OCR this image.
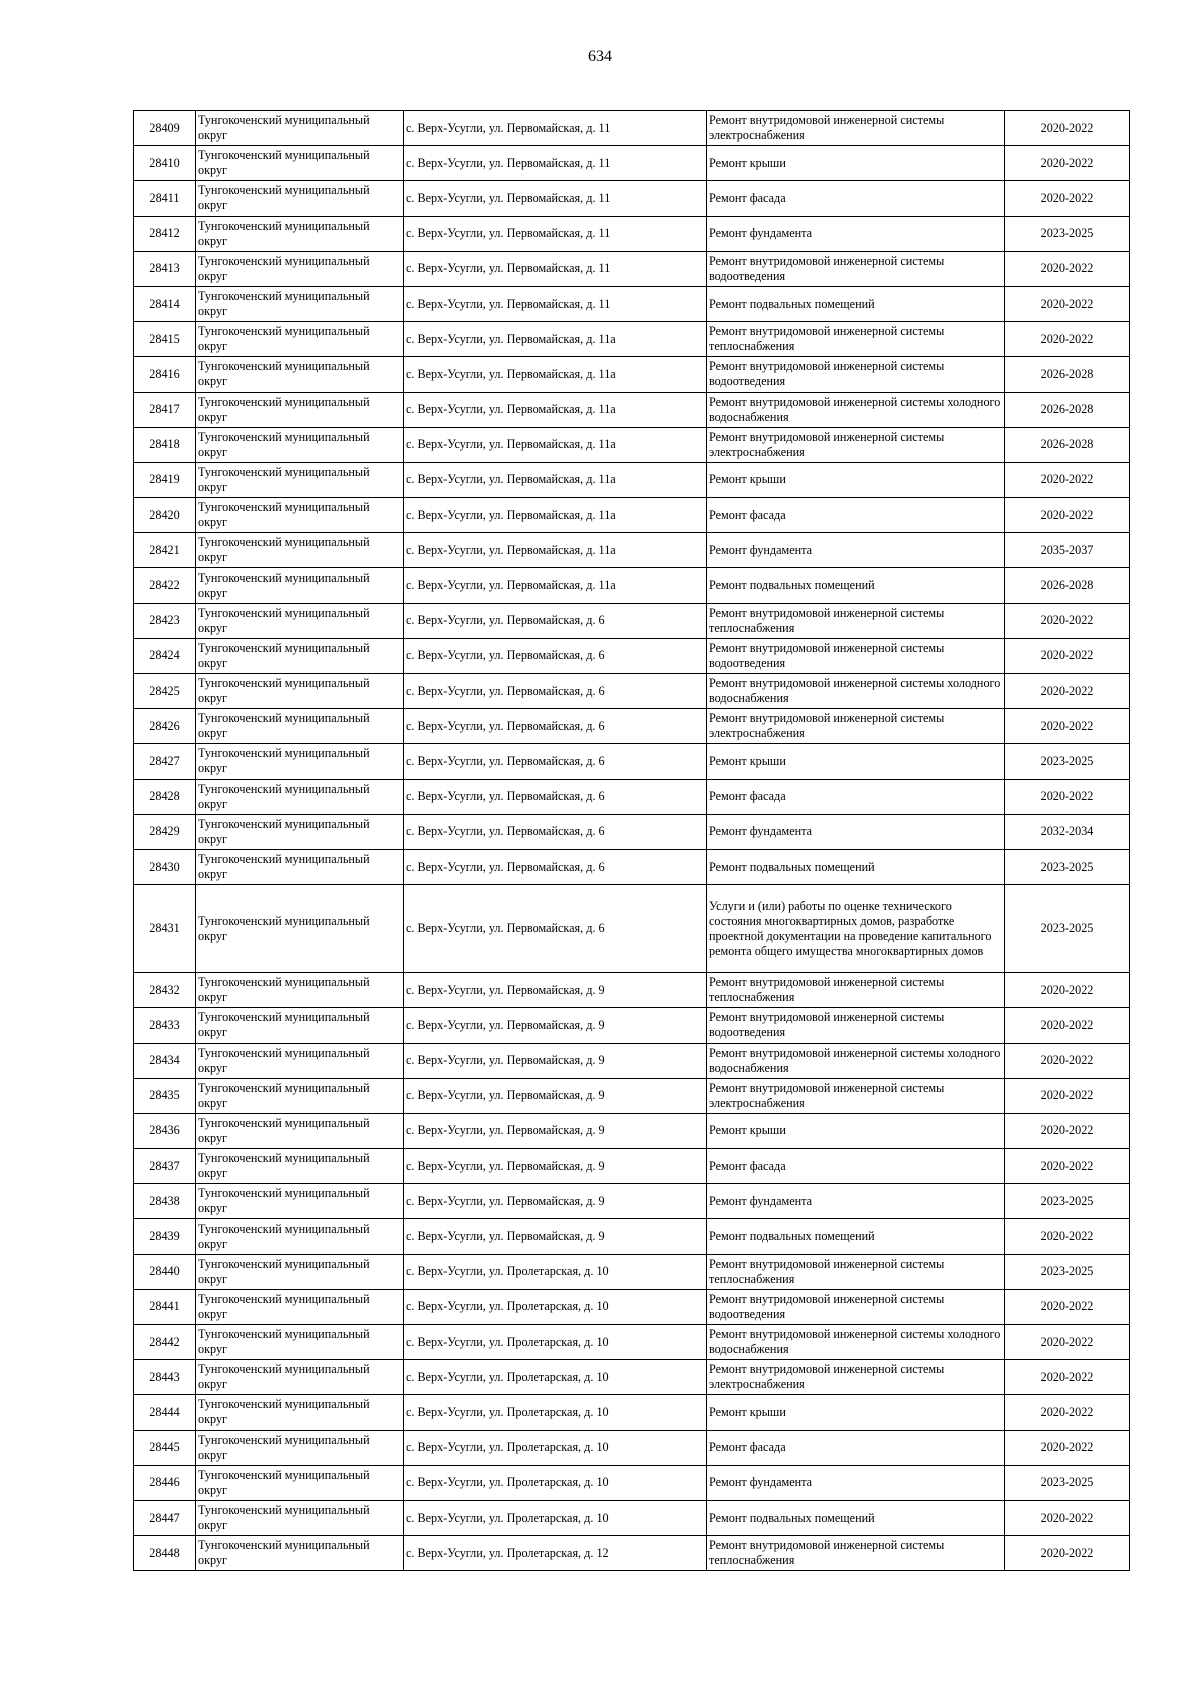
634
28409	Тунгокоченский муниципальный округ	с. Верх-Усугли, ул. Первомайская, д. 11	Ремонт внутридомовой инженерной системы электроснабжения	2020-2022
28410	Тунгокоченский муниципальный округ	с. Верх-Усугли, ул. Первомайская, д. 11	Ремонт крыши	2020-2022
28411	Тунгокоченский муниципальный округ	с. Верх-Усугли, ул. Первомайская, д. 11	Ремонт фасада	2020-2022
28412	Тунгокоченский муниципальный округ	с. Верх-Усугли, ул. Первомайская, д. 11	Ремонт фундамента	2023-2025
28413	Тунгокоченский муниципальный округ	с. Верх-Усугли, ул. Первомайская, д. 11	Ремонт внутридомовой инженерной системы водоотведения	2020-2022
28414	Тунгокоченский муниципальный округ	с. Верх-Усугли, ул. Первомайская, д. 11	Ремонт подвальных помещений	2020-2022
28415	Тунгокоченский муниципальный округ	с. Верх-Усугли, ул. Первомайская, д. 11а	Ремонт внутридомовой инженерной системы теплоснабжения	2020-2022
28416	Тунгокоченский муниципальный округ	с. Верх-Усугли, ул. Первомайская, д. 11а	Ремонт внутридомовой инженерной системы водоотведения	2026-2028
28417	Тунгокоченский муниципальный округ	с. Верх-Усугли, ул. Первомайская, д. 11а	Ремонт внутридомовой инженерной системы холодного водоснабжения	2026-2028
28418	Тунгокоченский муниципальный округ	с. Верх-Усугли, ул. Первомайская, д. 11а	Ремонт внутридомовой инженерной системы электроснабжения	2026-2028
28419	Тунгокоченский муниципальный округ	с. Верх-Усугли, ул. Первомайская, д. 11а	Ремонт крыши	2020-2022
28420	Тунгокоченский муниципальный округ	с. Верх-Усугли, ул. Первомайская, д. 11а	Ремонт фасада	2020-2022
28421	Тунгокоченский муниципальный округ	с. Верх-Усугли, ул. Первомайская, д. 11а	Ремонт фундамента	2035-2037
28422	Тунгокоченский муниципальный округ	с. Верх-Усугли, ул. Первомайская, д. 11а	Ремонт подвальных помещений	2026-2028
28423	Тунгокоченский муниципальный округ	с. Верх-Усугли, ул. Первомайская, д. 6	Ремонт внутридомовой инженерной системы теплоснабжения	2020-2022
28424	Тунгокоченский муниципальный округ	с. Верх-Усугли, ул. Первомайская, д. 6	Ремонт внутридомовой инженерной системы водоотведения	2020-2022
28425	Тунгокоченский муниципальный округ	с. Верх-Усугли, ул. Первомайская, д. 6	Ремонт внутридомовой инженерной системы холодного водоснабжения	2020-2022
28426	Тунгокоченский муниципальный округ	с. Верх-Усугли, ул. Первомайская, д. 6	Ремонт внутридомовой инженерной системы электроснабжения	2020-2022
28427	Тунгокоченский муниципальный округ	с. Верх-Усугли, ул. Первомайская, д. 6	Ремонт крыши	2023-2025
28428	Тунгокоченский муниципальный округ	с. Верх-Усугли, ул. Первомайская, д. 6	Ремонт фасада	2020-2022
28429	Тунгокоченский муниципальный округ	с. Верх-Усугли, ул. Первомайская, д. 6	Ремонт фундамента	2032-2034
28430	Тунгокоченский муниципальный округ	с. Верх-Усугли, ул. Первомайская, д. 6	Ремонт подвальных помещений	2023-2025
28431	Тунгокоченский муниципальный округ	с. Верх-Усугли, ул. Первомайская, д. 6	Услуги и (или) работы по оценке технического состояния многоквартирных домов, разработке проектной документации на проведение капитального ремонта общего имущества многоквартирных домов	2023-2025
28432	Тунгокоченский муниципальный округ	с. Верх-Усугли, ул. Первомайская, д. 9	Ремонт внутридомовой инженерной системы теплоснабжения	2020-2022
28433	Тунгокоченский муниципальный округ	с. Верх-Усугли, ул. Первомайская, д. 9	Ремонт внутридомовой инженерной системы водоотведения	2020-2022
28434	Тунгокоченский муниципальный округ	с. Верх-Усугли, ул. Первомайская, д. 9	Ремонт внутридомовой инженерной системы холодного водоснабжения	2020-2022
28435	Тунгокоченский муниципальный округ	с. Верх-Усугли, ул. Первомайская, д. 9	Ремонт внутридомовой инженерной системы электроснабжения	2020-2022
28436	Тунгокоченский муниципальный округ	с. Верх-Усугли, ул. Первомайская, д. 9	Ремонт крыши	2020-2022
28437	Тунгокоченский муниципальный округ	с. Верх-Усугли, ул. Первомайская, д. 9	Ремонт фасада	2020-2022
28438	Тунгокоченский муниципальный округ	с. Верх-Усугли, ул. Первомайская, д. 9	Ремонт фундамента	2023-2025
28439	Тунгокоченский муниципальный округ	с. Верх-Усугли, ул. Первомайская, д. 9	Ремонт подвальных помещений	2020-2022
28440	Тунгокоченский муниципальный округ	с. Верх-Усугли, ул. Пролетарская, д. 10	Ремонт внутридомовой инженерной системы теплоснабжения	2023-2025
28441	Тунгокоченский муниципальный округ	с. Верх-Усугли, ул. Пролетарская, д. 10	Ремонт внутридомовой инженерной системы водоотведения	2020-2022
28442	Тунгокоченский муниципальный округ	с. Верх-Усугли, ул. Пролетарская, д. 10	Ремонт внутридомовой инженерной системы холодного водоснабжения	2020-2022
28443	Тунгокоченский муниципальный округ	с. Верх-Усугли, ул. Пролетарская, д. 10	Ремонт внутридомовой инженерной системы электроснабжения	2020-2022
28444	Тунгокоченский муниципальный округ	с. Верх-Усугли, ул. Пролетарская, д. 10	Ремонт крыши	2020-2022
28445	Тунгокоченский муниципальный округ	с. Верх-Усугли, ул. Пролетарская, д. 10	Ремонт фасада	2020-2022
28446	Тунгокоченский муниципальный округ	с. Верх-Усугли, ул. Пролетарская, д. 10	Ремонт фундамента	2023-2025
28447	Тунгокоченский муниципальный округ	с. Верх-Усугли, ул. Пролетарская, д. 10	Ремонт подвальных помещений	2020-2022
28448	Тунгокоченский муниципальный округ	с. Верх-Усугли, ул. Пролетарская, д. 12	Ремонт внутридомовой инженерной системы теплоснабжения	2020-2022
